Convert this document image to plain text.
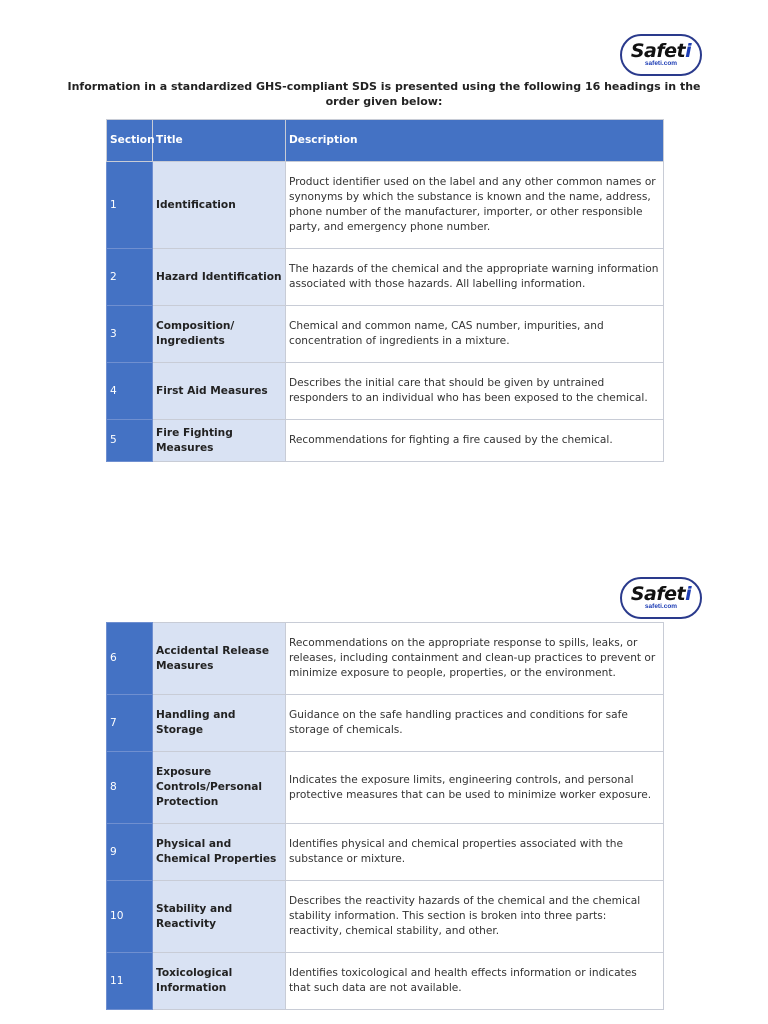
Safeti
safeti.com
Information in a standardized GHS-compliant SDS is presented using the following 16 headings in the order given below:
Section	Title	Description
1	Identification	Product identifier used on the label and any other common names or synonyms by which the substance is known and the name, address, phone number of the manufacturer, importer, or other responsible party, and emergency phone number.
2	Hazard Identification	The hazards of the chemical and the appropriate warning information associated with those hazards. All labelling information.
3	Composition/ Ingredients	Chemical and common name, CAS number, impurities, and concentration of ingredients in a mixture.
4	First Aid Measures	Describes the initial care that should be given by untrained responders to an individual who has been exposed to the chemical.
5	Fire Fighting Measures	Recommendations for fighting a fire caused by the chemical.
Safeti
safeti.com
6	Accidental Release Measures	Recommendations on the appropriate response to spills, leaks, or releases, including containment and clean-up practices to prevent or minimize exposure to people, properties, or the environment.
7	Handling and Storage	Guidance on the safe handling practices and conditions for safe storage of chemicals.
8	Exposure Controls/Personal Protection	Indicates the exposure limits, engineering controls, and personal protective measures that can be used to minimize worker exposure.
9	Physical and Chemical Properties	Identifies physical and chemical properties associated with the substance or mixture.
10	Stability and Reactivity	Describes the reactivity hazards of the chemical and the chemical stability information. This section is broken into three parts: reactivity, chemical stability, and other.
11	Toxicological Information	Identifies toxicological and health effects information or indicates that such data are not available.
